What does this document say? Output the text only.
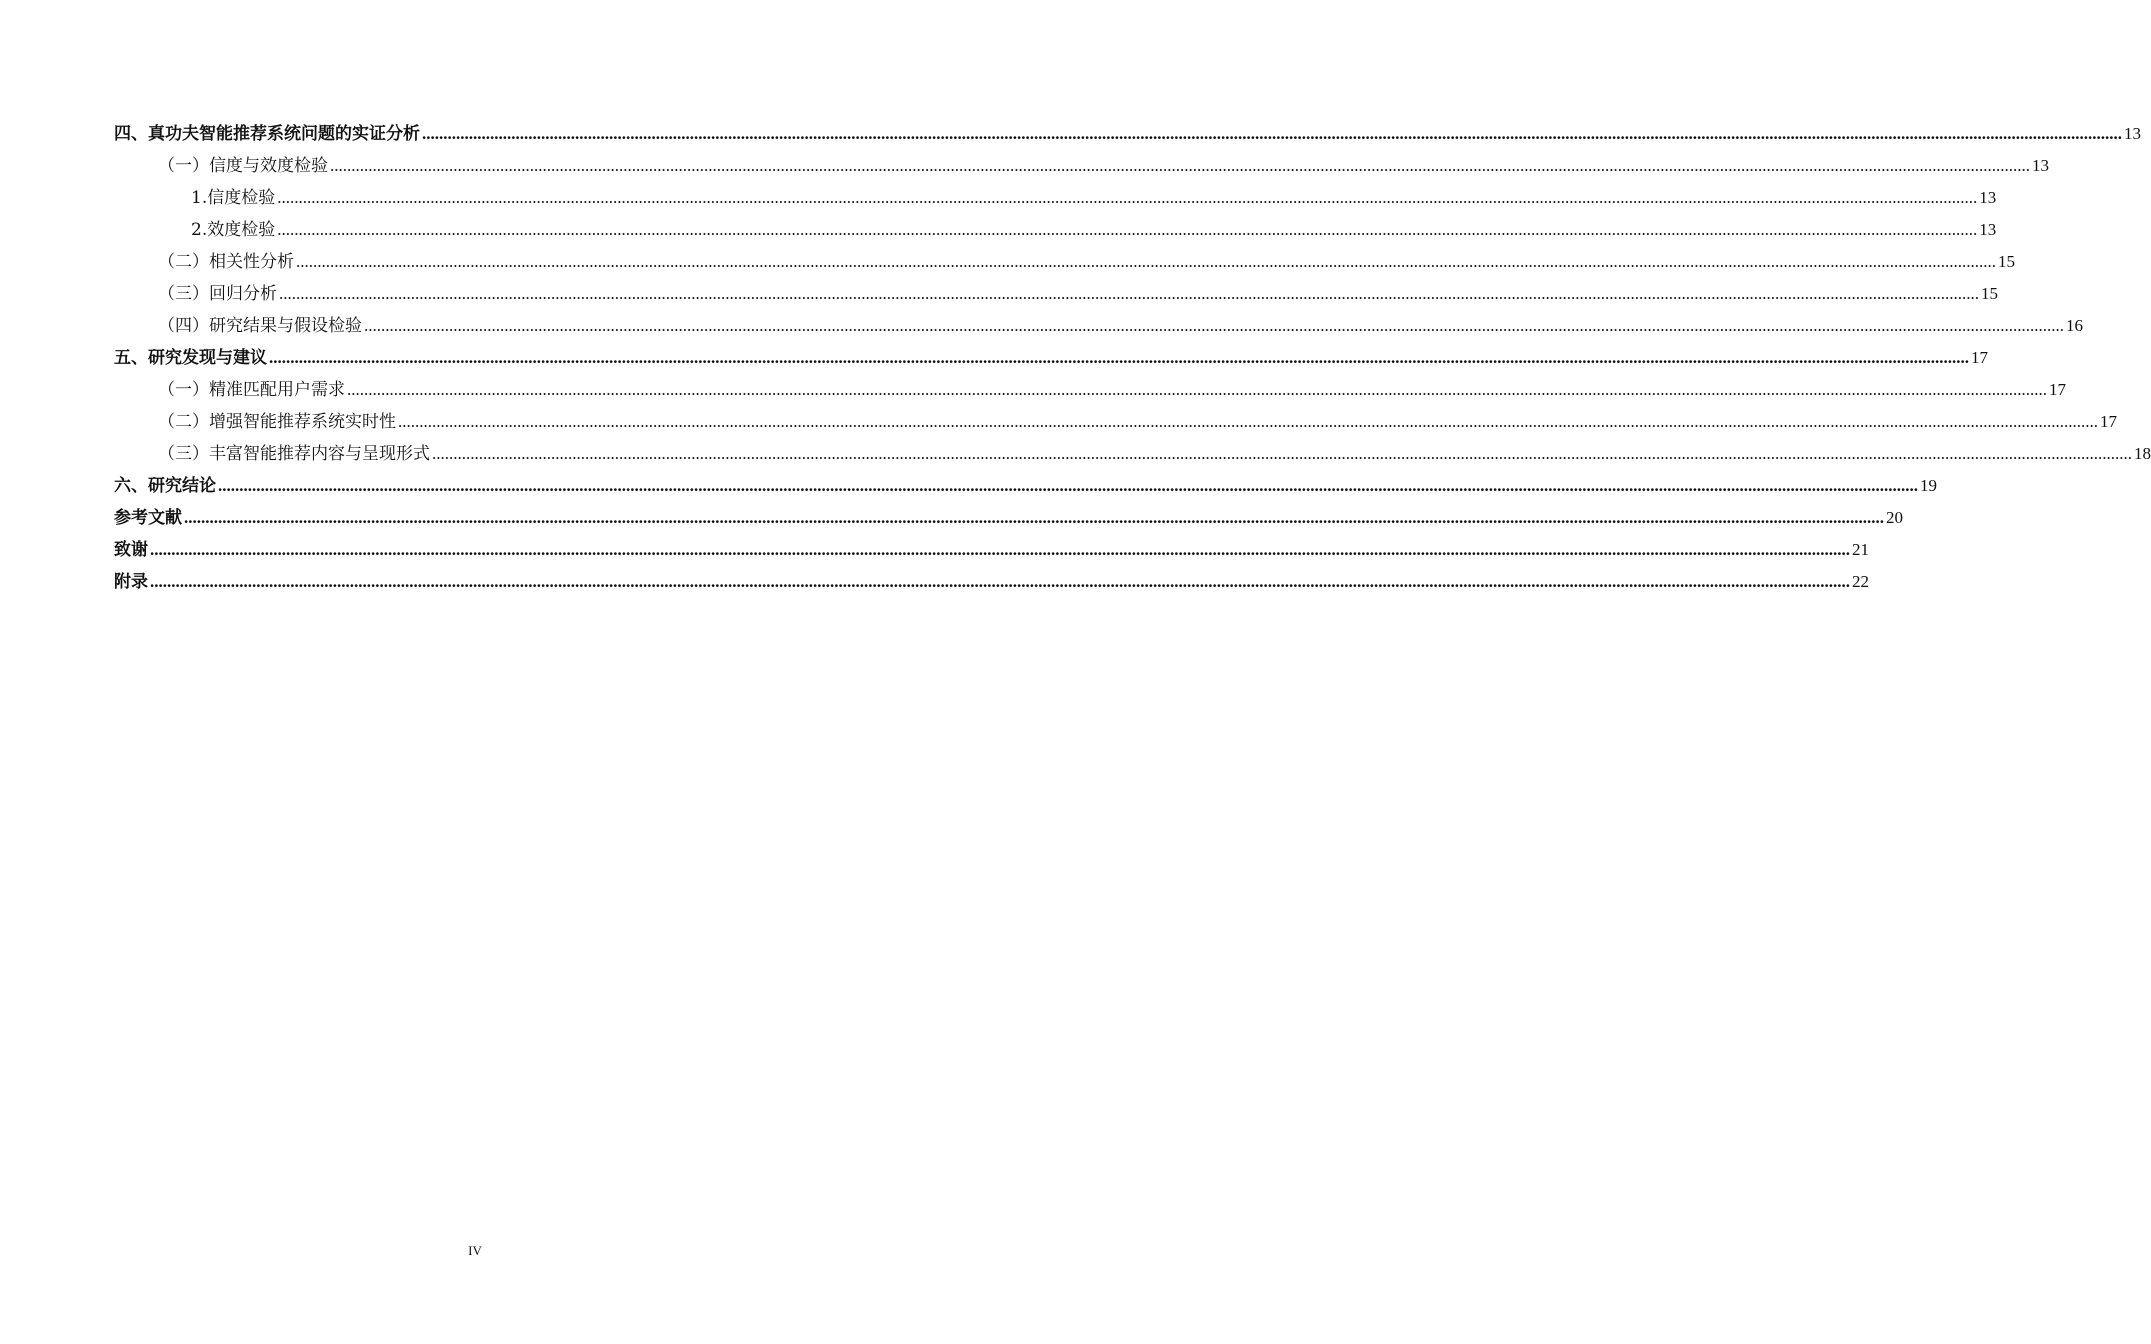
四、真功夫智能推荐系统问题的实证分析 ................................................................................................................................................................................................................................................................................................................................................................................................................ 13
（一）信度与效度检验 ................................................................................................................................................................................................................................................................................................................................................................................................................ 13
1.信度检验 ................................................................................................................................................................................................................................................................................................................................................................................................................ 13
2.效度检验 ................................................................................................................................................................................................................................................................................................................................................................................................................ 13
（二）相关性分析 ................................................................................................................................................................................................................................................................................................................................................................................................................ 15
（三）回归分析 ................................................................................................................................................................................................................................................................................................................................................................................................................ 15
（四）研究结果与假设检验 ................................................................................................................................................................................................................................................................................................................................................................................................................ 16
五、研究发现与建议 ................................................................................................................................................................................................................................................................................................................................................................................................................ 17
（一）精准匹配用户需求 ................................................................................................................................................................................................................................................................................................................................................................................................................ 17
（二）增强智能推荐系统实时性 ................................................................................................................................................................................................................................................................................................................................................................................................................ 17
（三）丰富智能推荐内容与呈现形式 ................................................................................................................................................................................................................................................................................................................................................................................................................ 18
六、研究结论 ................................................................................................................................................................................................................................................................................................................................................................................................................ 19
参考文献 ................................................................................................................................................................................................................................................................................................................................................................................................................ 20
致谢 ................................................................................................................................................................................................................................................................................................................................................................................................................ 21
附录 ................................................................................................................................................................................................................................................................................................................................................................................................................ 22
IV
